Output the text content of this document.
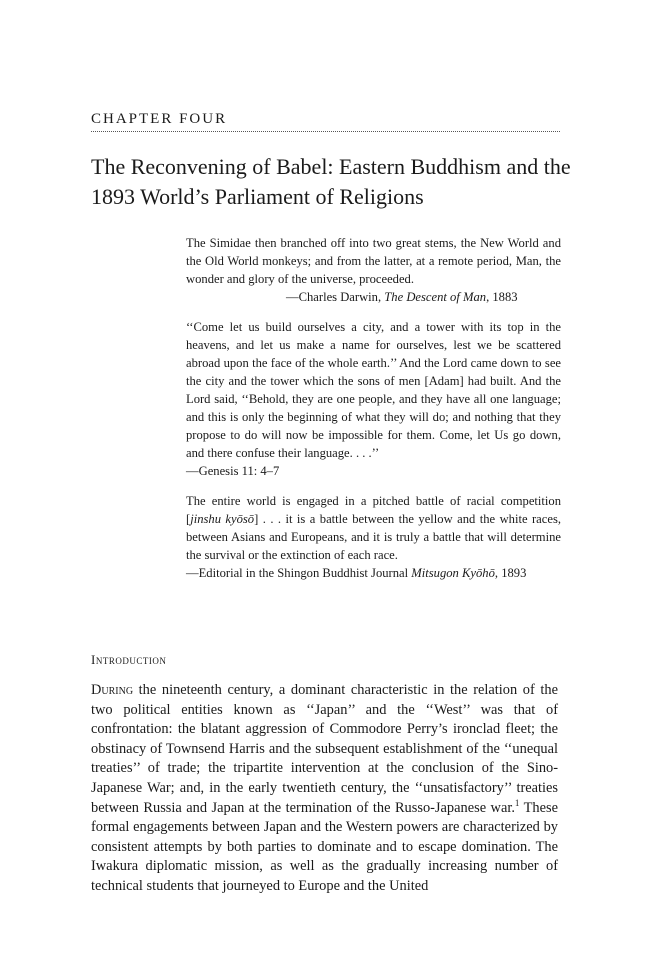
CHAPTER FOUR
The Reconvening of Babel: Eastern Buddhism and the
1893 World’s Parliament of Religions

The Simidae then branched off into two great stems, the New World and the Old World monkeys; and from the latter, at a remote period, Man, the wonder and glory of the universe, proceeded.

—Charles Darwin, The Descent of Man, 1883

‘‘Come let us build ourselves a city, and a tower with its top in the heavens, and let us make a name for ourselves, lest we be scattered abroad upon the face of the whole earth.’’ And the Lord came down to see the city and the tower which the sons of men [Adam] had built. And the Lord said, ‘‘Behold, they are one people, and they have all one language; and this is only the beginning of what they will do; and nothing that they propose to do will now be impossible for them. Come, let Us go down, and there confuse their language. . . .’’

—Genesis 11: 4–7

The entire world is engaged in a pitched battle of racial competition [jinshu kyōsō] . . . it is a battle between the yellow and the white races, between Asians and Europeans, and it is truly a battle that will determine the survival or the extinction of each race.

—Editorial in the Shingon Buddhist Journal Mitsugon Kyōhō, 1893

Introduction

During the nineteenth century, a dominant characteristic in the relation of the two political entities known as ‘‘Japan’’ and the ‘‘West’’ was that of confrontation: the blatant aggression of Commodore Perry’s ironclad fleet; the obstinacy of Townsend Harris and the subsequent establishment of the ‘‘unequal treaties’’ of trade; the tripartite intervention at the conclusion of the Sino-Japanese War; and, in the early twentieth century, the ‘‘unsatisfactory’’ treaties between Russia and Japan at the termination of the Russo-Japanese war.$^1$ These formal engagements between Japan and the Western powers are characterized by consistent attempts by both parties to dominate and to escape domination. The Iwakura diplomatic mission, as well as the gradually increasing number of technical students that journeyed to Europe and the United
